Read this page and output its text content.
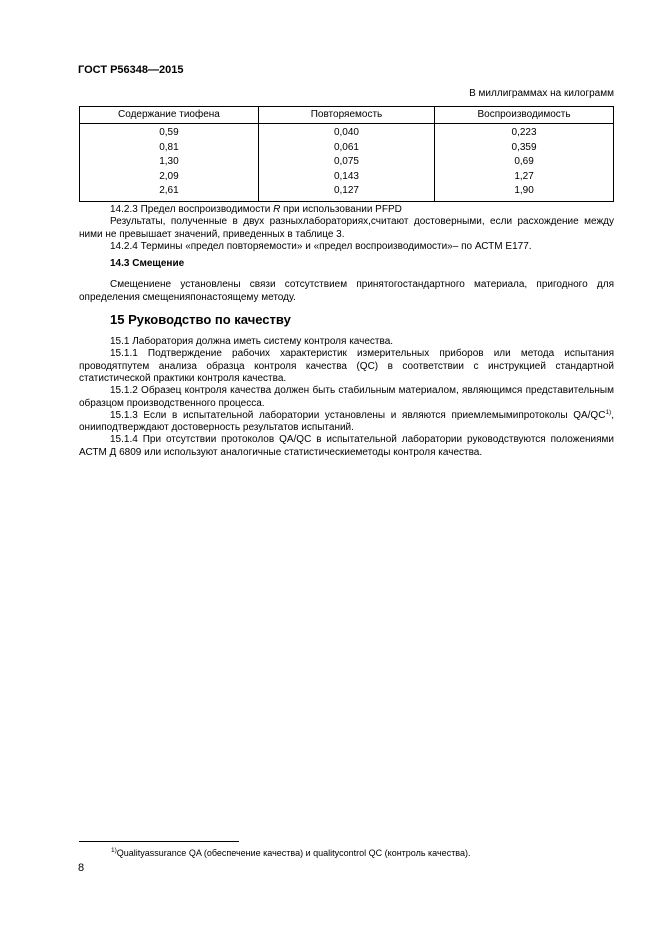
ГОСТ Р56348—2015
В миллиграммах на килограмм
Содержание тиофена	Повторяемость	Воспроизводимость
0,59	0,040	0,223
0,81	0,061	0,359
1,30	0,075	0,69
2,09	0,143	1,27
2,61	0,127	1,90

14.2.3 Предел воспроизводимости R при использовании PFPD

Результаты, полученные в двух разныхлабораториях,считают достоверными, если расхождение между ними не превышает значений, приведенных в таблице 3.

14.2.4 Термины «предел повторяемости» и «предел воспроизводимости»– по АСТМ Е177.

14.3 Смещение

Смещениене установлены связи сотсутствием принятогостандартного материала, пригодного для определения смещенияпонастоящему методу.

15 Руководство по качеству

15.1 Лаборатория должна иметь систему контроля качества.

15.1.1 Подтверждение рабочих характеристик измерительных приборов или метода испытания проводятпутем анализа образца контроля качества (QC) в соответствии с инструкцией стандартной статистической практики контроля качества.

15.1.2 Образец контроля качества должен быть стабильным материалом, являющимся представительным образцом производственного процесса.

15.1.3 Если в испытательной лаборатории установлены и являются приемлемымипротоколы QA/QC$^{1)}$, онииподтверждают достоверность результатов испытаний.

15.1.4 При отсутствии протоколов QA/QC в испытательной лаборатории руководствуются положениями АСТМ Д 6809 или используют аналогичные статистическиеметоды контроля качества.

$^{1)}$Qualityassurance QA (обеспечение качества) и qualitycontrol QC (контроль качества).
8
